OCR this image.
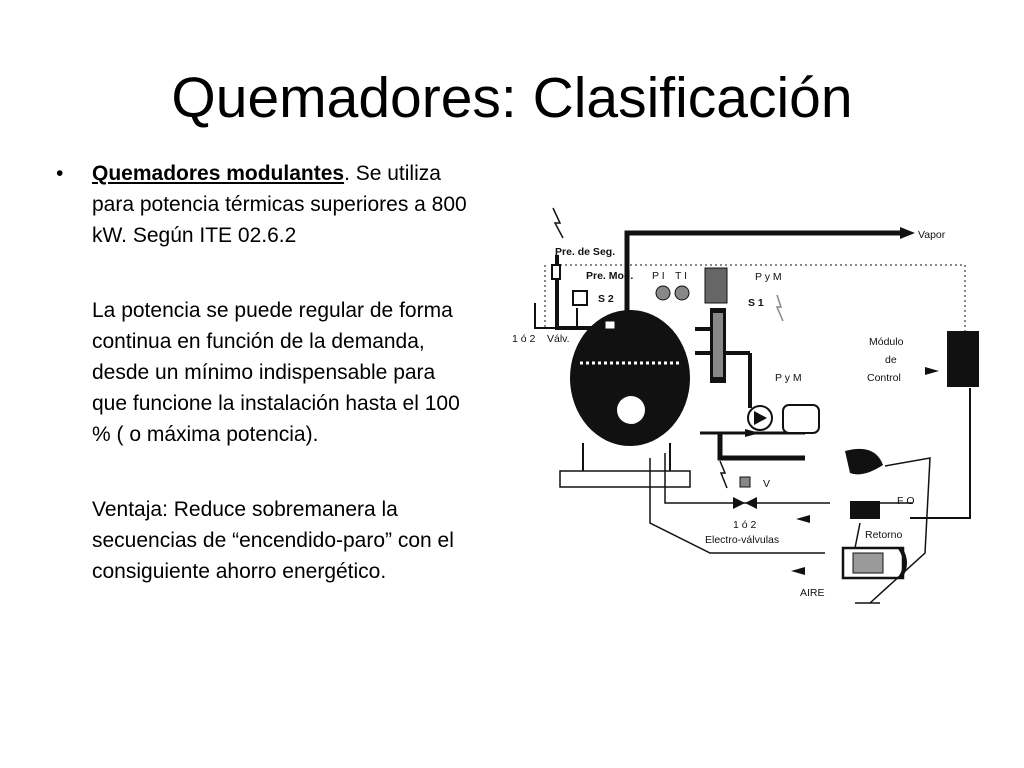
Quemadores: Clasificación
• Quemadores modulantes. Se utiliza para potencia térmicas superiores a 800 kW. Según ITE 02.6.2
La potencia se puede regular de forma continua en función de la demanda, desde un mínimo indispensable para que funcione la instalación hasta el 100 % ( o máxima potencia).
Ventaja: Reduce sobremanera la secuencias de “encendido-paro” con el consiguiente ahorro energético.
Pre. de Seg.
Pre. Mod. P I T I
S 2
1 ó 2 Válv.
Vapor
P y M
S 1
Módulo
de
Control
P y M
V
F O
1 ó 2
Electro-válvulas	Retorno
AIRE
